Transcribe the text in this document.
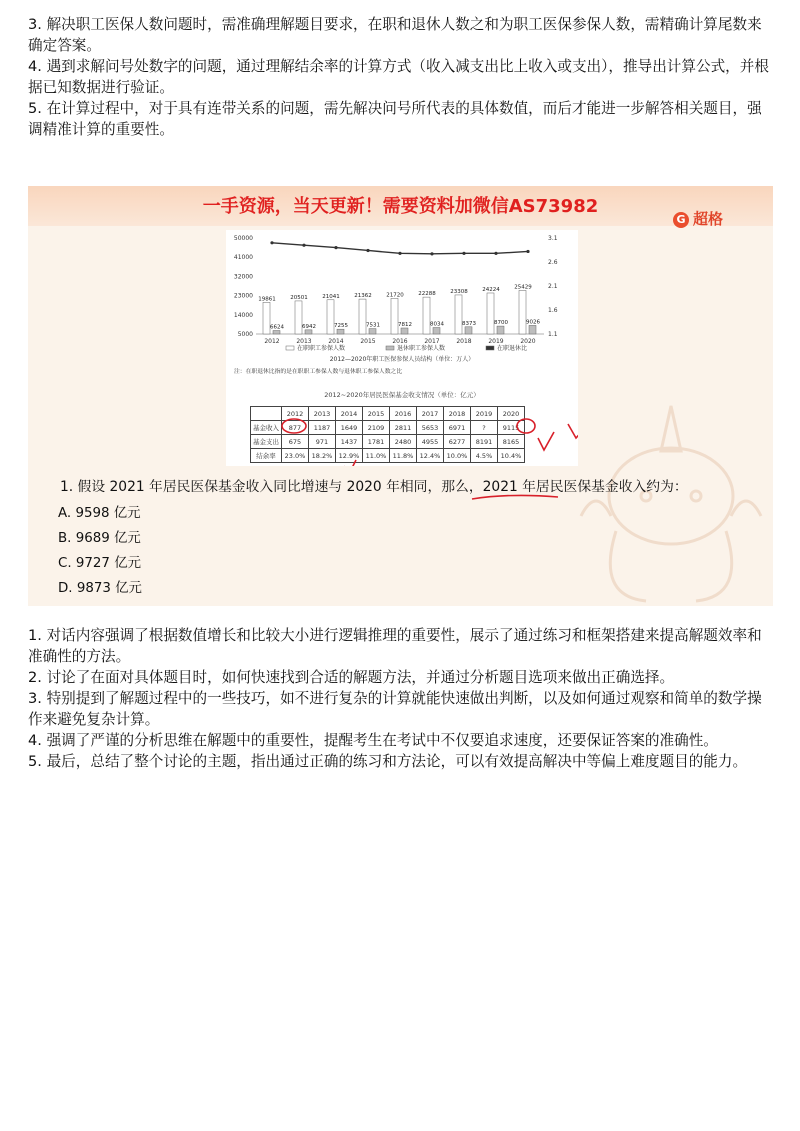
3. 解决职工医保人数问题时，需准确理解题目要求，在职和退休人数之和为职工医保参保人数，需精确计算尾数来确定答案。

4. 遇到求解问号处数字的问题，通过理解结余率的计算方式（收入减支出比上收入或支出），推导出计算公式，并根据已知数据进行验证。

5. 在计算过程中，对于具有连带关系的问题，需先解决问号所代表的具体数值，而后才能进一步解答相关题目，强调精准计算的重要性。

一手资源，当天更新！需要资料加微信AS73982
G 超格
50000
41000
32000
23000
14000
5000
3.1
2.6
2.1
1.6
1.1
19861
6624
2012
20501
6942
2013
21041
7255
2014
21362
7531
2015
21720
7812
2016
22288
8034
2017
23308
8373
2018
24224
8700
2019
25429
9026
2020
在职职工参保人数	退休职工参保人数	在职退休比
2012—2020年职工医保参保人员结构（单位：万人）
注：在职退休比指的是在职职工参保人数与退休职工参保人数之比
2012~2020年居民医保基金收支情况（单位：亿元）
	2012	2013	2014	2015	2016	2017	2018	2019	2020
基金收入	877	1187	1649	2109	2811	5653	6971	?	9115
基金支出	675	971	1437	1781	2480	4955	6277	8191	8165
结余率	23.0%	18.2%	12.9%	11.0%	11.8%	12.4%	10.0%	4.5%	10.4%
1. 假设 2021 年居民医保基金收入同比增速与 2020 年相同，那么，2021 年居民医保基金收入约为：
A. 9598 亿元
B. 9689 亿元
C. 9727 亿元
D. 9873 亿元

1. 对话内容强调了根据数值增长和比较大小进行逻辑推理的重要性，展示了通过练习和框架搭建来提高解题效率和准确性的方法。

2. 讨论了在面对具体题目时，如何快速找到合适的解题方法，并通过分析题目选项来做出正确选择。

3. 特别提到了解题过程中的一些技巧，如不进行复杂的计算就能快速做出判断，以及如何通过观察和简单的数学操作来避免复杂计算。

4. 强调了严谨的分析思维在解题中的重要性，提醒考生在考试中不仅要追求速度，还要保证答案的准确性。

5. 最后，总结了整个讨论的主题，指出通过正确的练习和方法论，可以有效提高解决中等偏上难度题目的能力。
